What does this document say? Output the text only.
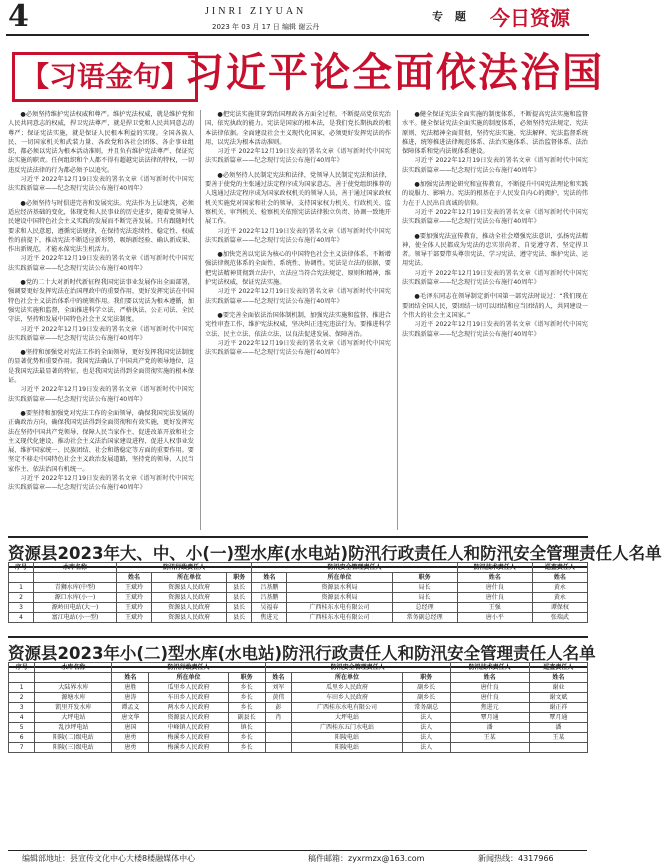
4	JINRI ZIYUAN	专 题 今日资源
2023 年 03 月 17 日 编辑 谢云丹
【习语金句】
习近平论全面依法治国

●必须坚持维护宪法权威和尊严。维护宪法权威，就是维护党和人民共同意志的权威，捍卫宪法尊严，就是捍卫党和人民共同意志的尊严；保证宪法实施，就是保证人民根本利益的实现。全国各族人民、一切国家机关和武装力量、各政党和各社会团体、各企事业组织，都必须以宪法为根本活动准则，并且负有维护宪法尊严、保证宪法实施的职责。任何组织和个人都不得有超越宪法法律的特权，一切违反宪法法律的行为都必须予以追究。
习近平 2022年12月19日发表的署名文章《谱写新时代中国宪法实践新篇章——纪念现行宪法公布施行40周年》

●必须坚持与时俱进完善和发展宪法。宪法作为上层建筑，必须适应经济基础的变化，体现党和人民事业的历史进步，随着党领导人民建设中国特色社会主义实践的发展而不断完善发展。只有跟随时代要求和人民意愿，遵循宪法规律，在保持宪法连续性、稳定性、权威性的前提下，推动宪法不断适应新形势、吸纳新经验、确认新成果、作出新规范，才能永葆宪法生机活力。
习近平 2022年12月19日发表的署名文章《谱写新时代中国宪法实践新篇章——纪念现行宪法公布施行40周年》

●党的二十大对新时代新征程我国宪法事业发展作出全面部署，强调要更好发挥宪法在治国理政中的重要作用，更好发挥宪法在中国特色社会主义法治体系中的统领作用。我们要以宪法为根本遵循，加强宪法实施和监督，全面推进科学立法、严格执法、公正司法、全民守法，坚持和发展中国特色社会主义宪法制度。
习近平 2022年12月19日发表的署名文章《谱写新时代中国宪法实践新篇章——纪念现行宪法公布施行40周年》

●坚持和加强党对宪法工作的全面领导，更好发挥我国宪法制度的显著优势和重要作用。我国宪法确认了中国共产党的领导地位，这是我国宪法最显著的特征，也是我国宪法得到全面贯彻实施的根本保证。
习近平 2022年12月19日发表的署名文章《谱写新时代中国宪法实践新篇章——纪念现行宪法公布施行40周年》

●要坚持和加强党对宪法工作的全面领导，确保我国宪法发展的正确政治方向，确保我国宪法得到全面贯彻和有效实施，更好发挥宪法在坚持中国共产党领导、保障人民当家作主、促进改革开放和社会主义现代化建设、推动社会主义法治国家建设进程、促进人权事业发展、维护国家统一、民族团结、社会和谐稳定等方面的重要作用。要坚定不移走中国特色社会主义政治发展道路，坚持党的领导、人民当家作主、依法治国有机统一。
习近平 2022年12月19日发表的署名文章《谱写新时代中国宪法实践新篇章——纪念现行宪法公布施行40周年》

●把宪法实施贯穿到治国理政各方面全过程，不断提高党依宪治国、依宪执政的能力。宪法是国家的根本法，是我们党长期执政的根本法律依据。全面建设社会主义现代化国家，必须更好发挥宪法的作用，以宪法为根本活动准则。
习近平 2022年12月19日发表的署名文章《谱写新时代中国宪法实践新篇章——纪念现行宪法公布施行40周年》

●必须坚持人民制定宪法和法律，党领导人民制定宪法和法律，要善于使党的主张通过法定程序成为国家意志，善于使党组织推荐的人选通过法定程序成为国家政权机关的领导人员，善于通过国家政权机关实施党对国家和社会的领导，支持国家权力机关、行政机关、监察机关、审判机关、检察机关依照宪法法律独立负责、协调一致地开展工作。
习近平 2022年12月19日发表的署名文章《谱写新时代中国宪法实践新篇章——纪念现行宪法公布施行40周年》

●加快完善以宪法为核心的中国特色社会主义法律体系，不断增强法律规范体系的全面性、系统性、协调性。宪法是立法的依据，要把宪法精神贯彻到立法中，立法应当符合宪法规定、原则和精神，维护宪法权威，保证宪法实施。
习近平 2022年12月19日发表的署名文章《谱写新时代中国宪法实践新篇章——纪念现行宪法公布施行40周年》

●要完善全面依法治国体制机制，加强宪法实施和监督，推进合宪性审查工作，维护宪法权威，坚决纠正违宪违法行为。要推进科学立法、民主立法、依法立法，以良法促进发展、保障善治。
习近平 2022年12月19日发表的署名文章《谱写新时代中国宪法实践新篇章——纪念现行宪法公布施行40周年》

●健全保证宪法全面实施的制度体系，不断提高宪法实施和监督水平。健全保证宪法全面实施的制度体系，必须坚持宪法规定、宪法原则、宪法精神全面贯彻，坚持宪法实施、宪法解释、宪法监督系统推进，统筹推进法律规范体系、法治实施体系、法治监督体系、法治保障体系和党内法规体系建设。
习近平 2022年12月19日发表的署名文章《谱写新时代中国宪法实践新篇章——纪念现行宪法公布施行40周年》

●加强宪法理论研究和宣传教育，不断提升中国宪法理论和实践的说服力、影响力。宪法的根基在于人民发自内心的拥护，宪法的伟力在于人民出自真诚的信仰。
习近平 2022年12月19日发表的署名文章《谱写新时代中国宪法实践新篇章——纪念现行宪法公布施行40周年》

●要加强宪法宣传教育，推动全社会增强宪法意识，弘扬宪法精神，使全体人民都成为宪法的忠实崇尚者、自觉遵守者、坚定捍卫者。领导干部要带头尊崇宪法、学习宪法、遵守宪法、维护宪法、运用宪法。
习近平 2022年12月19日发表的署名文章《谱写新时代中国宪法实践新篇章——纪念现行宪法公布施行40周年》

●毛泽东同志在领导制定新中国第一部宪法时说过：“我们现在要团结全国人民，要团结一切可以团结和应当团结的人，共同建设一个伟大的社会主义国家。”
习近平 2022年12月19日发表的署名文章《谱写新时代中国宪法实践新篇章——纪念现行宪法公布施行40周年》

资源县2023年大、中、小(一)型水库(水电站)防汛行政责任人和防汛安全管理责任人名单
序号	水库名称	防汛行政责任人			防汛安全管理责任人			防汛技术责任人	巡查责任人
		姓名	所在单位	职务	姓名	所在单位	职务	姓名	姓名
1	青狮水库(中型)	王斌玲	资源县人民政府	县长	吕基鹏	资源县水利局	局长	唐什良	黄永
2	源口水库(小一)	王斌玲	资源县人民政府	县长	吕基鹏	资源县水利局	局长	唐什良	黄永
3	源岭田电站(大一)	王斌玲	资源县人民政府	县长	吴福春	广西桂东水电有限公司	总经理	王强	谭保权
4	富江电站(小一型)	王斌玲	资源县人民政府	县长	焦进元	广西桂东水电有限公司	常务副总经理	唐小平	张瑞武
资源县2023年小(二)型水库(水电站)防汛行政责任人和防汛安全管理责任人名单
序号	水库名称	防汛行政责任人			防汛安全管理责任人			防汛技术责任人	巡查责任人
		姓名	所在单位	职务	姓名	所在单位	职务	姓名	姓名
1	大陆界水库	唐胜	瓜里乡人民政府	乡长	刘军	瓜里乡人民政府	副乡长	唐什良	谢业
2	源塘水库	唐涛	车田乡人民政府	乡长	黄伟	车田乡人民政府	副乡长	唐什良	谢文斌
3	凯里开发水库	谭孟义	两水乡人民政府	乡长	彭	广西桂东水电有限公司	常务副总	焦进元	谢正祥
4	大坪电站	唐文华	资源县人民政府	副县长	肖	大坪电站	法人	覃月通	覃月通
5	乱沙坪电站	唐国	中峰镇人民政府	镇长		广西桂东五门水电站	法人	潘	潘
6	阳陵(二)级电站	唐勇	梅溪乡人民政府	乡长		阳陵电站	法人	王某	王某
7	阳陵(三)级电站	唐勇	梅溪乡人民政府	乡长		阳陵电站	法人		
编辑部地址：县宣传文化中心大楼8楼融媒体中心	稿件邮箱：zyxrmzx@163.com	新闻热线：4317966
